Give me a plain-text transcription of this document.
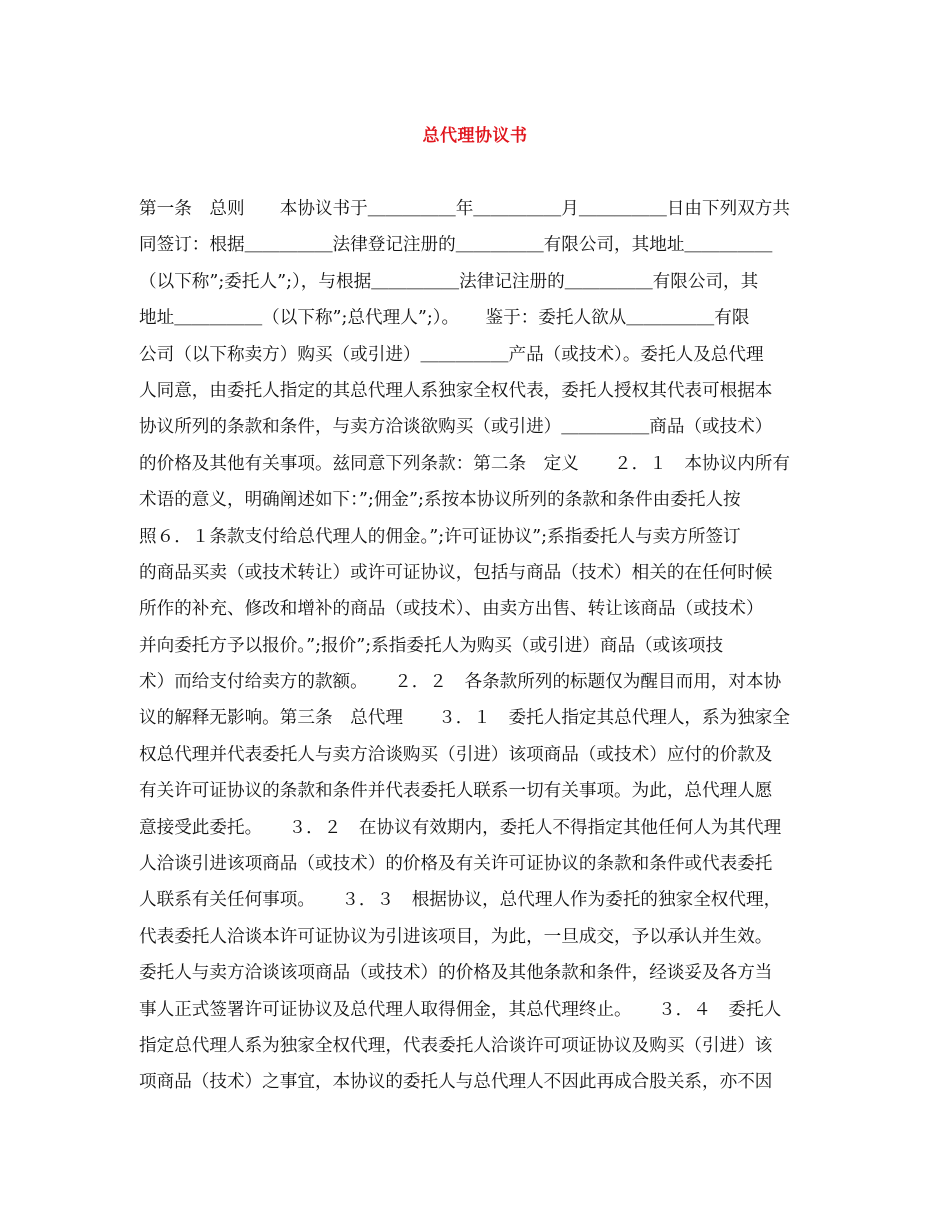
总代理协议书
第一条　总则　　本协议书于＿＿＿＿＿年＿＿＿＿＿月＿＿＿＿＿日由下列双方共
同签订：根据＿＿＿＿＿法律登记注册的＿＿＿＿＿有限公司，其地址＿＿＿＿＿
（以下称”;委托人”;），与根据＿＿＿＿＿法律记注册的＿＿＿＿＿有限公司，其
地址＿＿＿＿＿（以下称”;总代理人”;）。　　鉴于：委托人欲从＿＿＿＿＿有限
公司（以下称卖方）购买（或引进）＿＿＿＿＿产品（或技术）。委托人及总代理
人同意，由委托人指定的其总代理人系独家全权代表，委托人授权其代表可根据本
协议所列的条款和条件，与卖方洽谈欲购买（或引进）＿＿＿＿＿商品（或技术）
的价格及其他有关事项。兹同意下列条款：第二条　定义　　２．１　本协议内所有
术语的意义，明确阐述如下：”;佣金”;系按本协议所列的条款和条件由委托人按
照６．１条款支付给总代理人的佣金。”;许可证协议”;系指委托人与卖方所签订
的商品买卖（或技术转让）或许可证协议，包括与商品（技术）相关的在任何时候
所作的补充、修改和增补的商品（或技术）、由卖方出售、转让该商品（或技术）
并向委托方予以报价。”;报价”;系指委托人为购买（或引进）商品（或该项技
术）而给支付给卖方的款额。　　２．２　各条款所列的标题仅为醒目而用，对本协
议的解释无影响。第三条　总代理　　３．１　委托人指定其总代理人，系为独家全
权总代理并代表委托人与卖方洽谈购买（引进）该项商品（或技术）应付的价款及
有关许可证协议的条款和条件并代表委托人联系一切有关事项。为此，总代理人愿
意接受此委托。　　３．２　在协议有效期内，委托人不得指定其他任何人为其代理
人洽谈引进该项商品（或技术）的价格及有关许可证协议的条款和条件或代表委托
人联系有关任何事项。　　３．３　根据协议，总代理人作为委托的独家全权代理，
代表委托人洽谈本许可证协议为引进该项目，为此，一旦成交，予以承认并生效。
委托人与卖方洽谈该项商品（或技术）的价格及其他条款和条件，经谈妥及各方当
事人正式签署许可证协议及总代理人取得佣金，其总代理终止。　　３．４　委托人
指定总代理人系为独家全权代理，代表委托人洽谈许可项证协议及购买（引进）该
项商品（技术）之事宜，本协议的委托人与总代理人不因此再成合股关系，亦不因
